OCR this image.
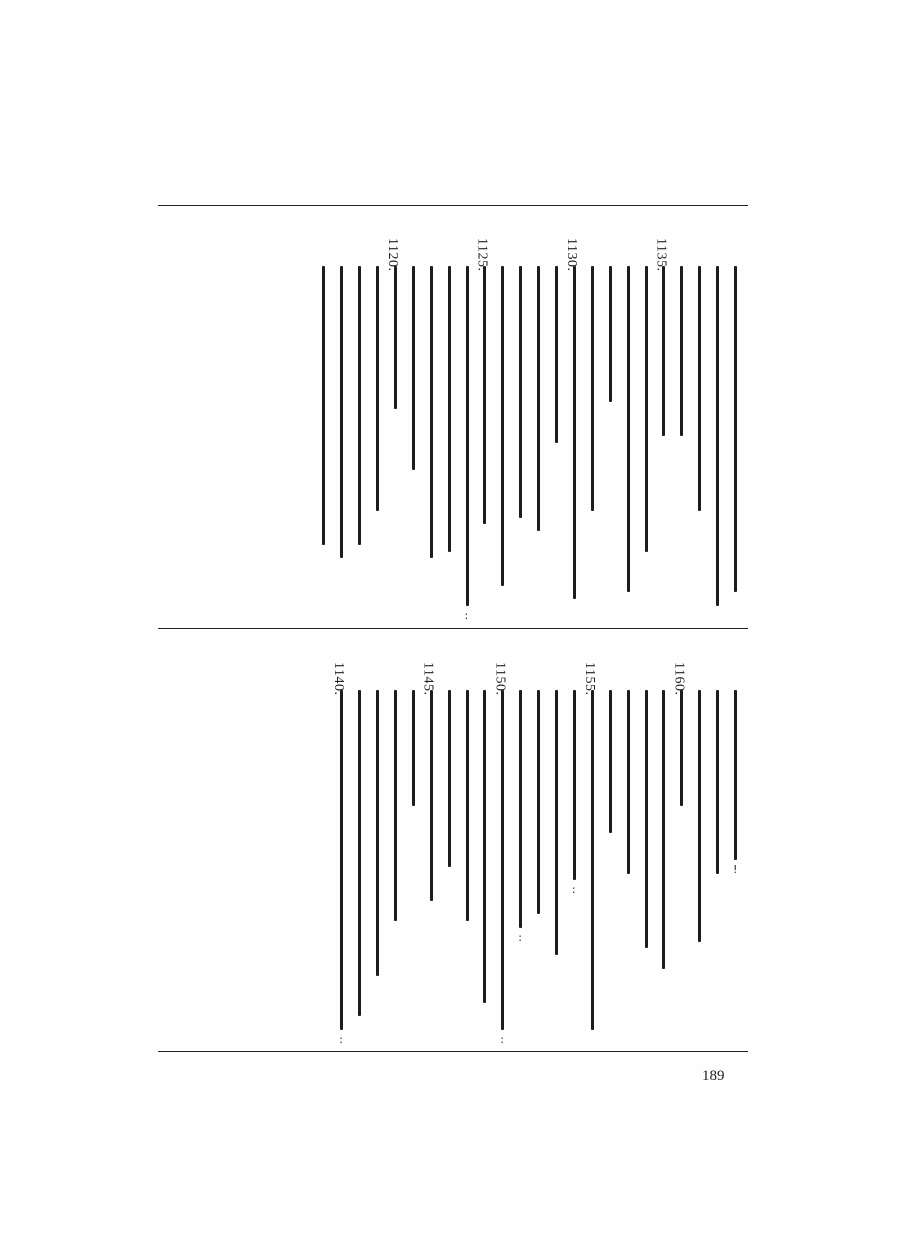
1135.
1130.
1125.
:
1120.
!
1160.
1155.
:
:
1150.
:
1145.
1140.
:
189
